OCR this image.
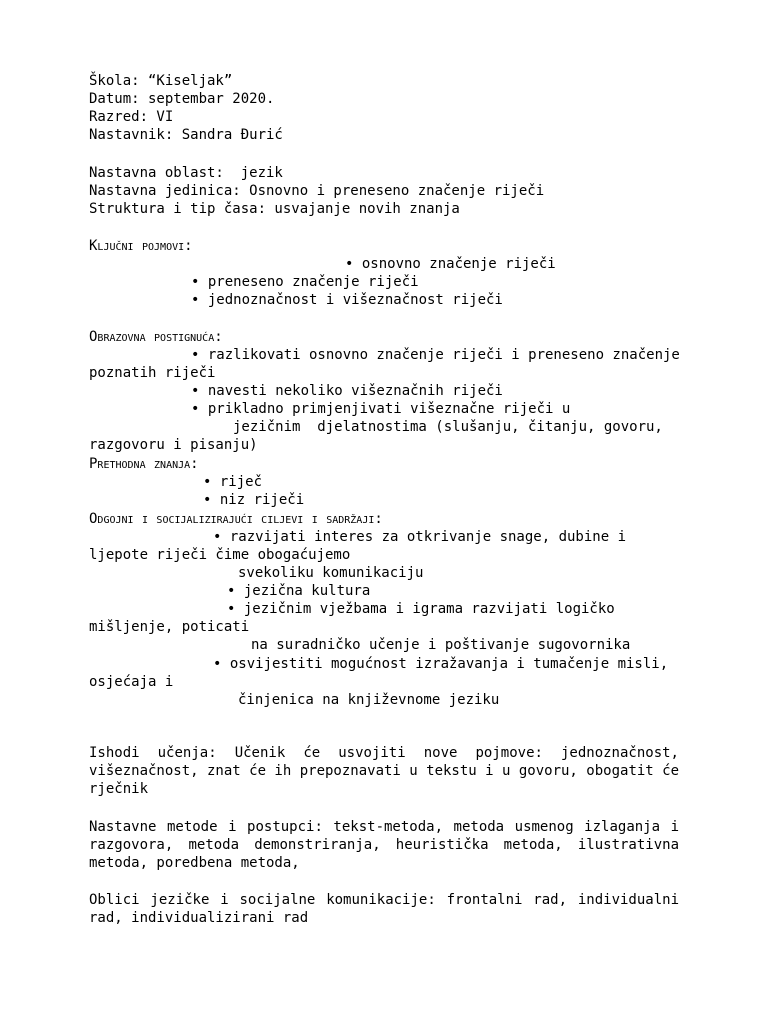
Škola: “Kiseljak”
Datum: septembar 2020.
Razred: VI
Nastavnik: Sandra Đurić
Nastavna oblast:  jezik
Nastavna jedinica: Osnovno i preneseno značenje riječi
Struktura i tip časa: usvajanje novih znanja
Ključni pojmovi:
• osnovno značenje riječi
• preneseno značenje riječi
• jednoznačnost i višeznačnost riječi
Obrazovna postignuća:
• razlikovati osnovno značenje riječi i preneseno značenje
poznatih riječi
• navesti nekoliko višeznačnih riječi
• prikladno primjenjivati višeznačne riječi u
jezičnim  djelatnostima (slušanju, čitanju, govoru,
razgovoru i pisanju)
Prethodna znanja:
• riječ
• niz riječi
Odgojni i socijalizirajući ciljevi i sadržaji:
• razvijati interes za otkrivanje snage, dubine i
ljepote riječi čime obogaćujemo
svekoliku komunikaciju
• jezična kultura
• jezičnim vježbama i igrama razvijati logičko
mišljenje, poticati
na suradničko učenje i poštivanje sugovornika
• osvijestiti mogućnost izražavanja i tumačenje misli,
osjećaja i
činjenica na književnome jeziku
Ishodi učenja: Učenik će usvojiti nove pojmove: jednoznačnost, višeznačnost, znat će ih prepoznavati u tekstu i u govoru, obogatit će rječnik
Nastavne metode i postupci: tekst-metoda, metoda usmenog izlaganja i razgovora, metoda demonstriranja, heuristička metoda, ilustrativna metoda, poredbena metoda,
Oblici jezičke i socijalne komunikacije: frontalni rad, individualni rad, individualizirani rad
